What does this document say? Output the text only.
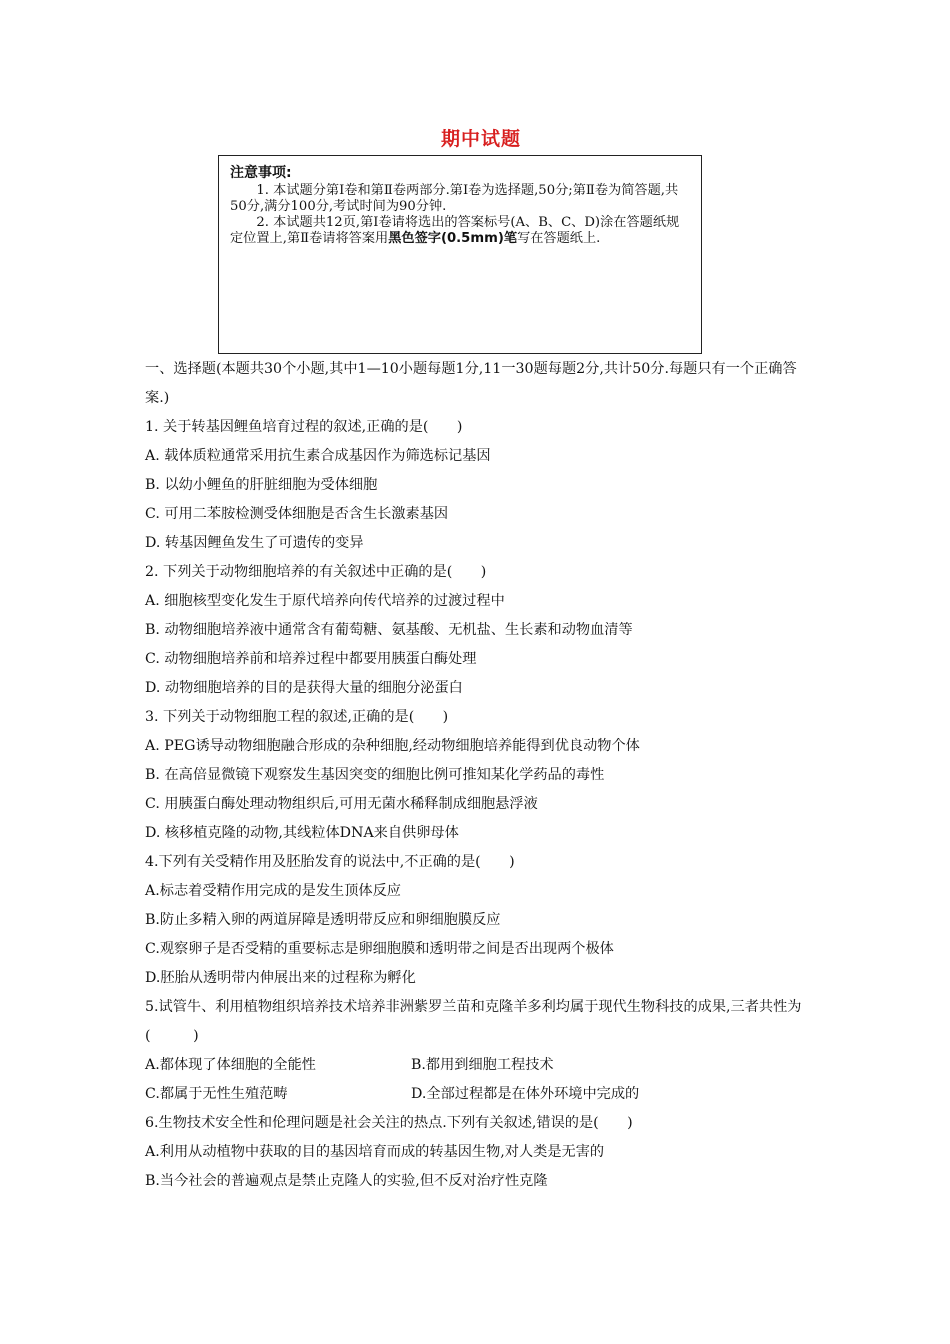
期中试题
注意事项:

1. 本试题分第Ⅰ卷和第Ⅱ卷两部分.第Ⅰ卷为选择题,50分;第Ⅱ卷为简答题,共50分,满分100分,考试时间为90分钟.

2. 本试题共12页,第Ⅰ卷请将选出的答案标号(A、B、C、D)涂在答题纸规定位置上,第Ⅱ卷请将答案用黑色签字(0.5mm)笔写在答题纸上.

一、选择题(本题共30个小题,其中1—10小题每题1分,11一30题每题2分,共计50分.每题只有一个正确答案.)

1. 关于转基因鲤鱼培育过程的叙述,正确的是(　　)

A. 载体质粒通常采用抗生素合成基因作为筛选标记基因

B. 以幼小鲤鱼的肝脏细胞为受体细胞

C. 可用二苯胺检测受体细胞是否含生长激素基因

D. 转基因鲤鱼发生了可遗传的变异

2. 下列关于动物细胞培养的有关叙述中正确的是(　　)

A. 细胞核型变化发生于原代培养向传代培养的过渡过程中

B. 动物细胞培养液中通常含有葡萄糖、氨基酸、无机盐、生长素和动物血清等

C. 动物细胞培养前和培养过程中都要用胰蛋白酶处理

D. 动物细胞培养的目的是获得大量的细胞分泌蛋白

3. 下列关于动物细胞工程的叙述,正确的是(　　)

A. PEG诱导动物细胞融合形成的杂种细胞,经动物细胞培养能得到优良动物个体

B. 在高倍显微镜下观察发生基因突变的细胞比例可推知某化学药品的毒性

C. 用胰蛋白酶处理动物组织后,可用无菌水稀释制成细胞悬浮液

D. 核移植克隆的动物,其线粒体DNA来自供卵母体

4.下列有关受精作用及胚胎发育的说法中,不正确的是(　　)

A.标志着受精作用完成的是发生顶体反应

B.防止多精入卵的两道屏障是透明带反应和卵细胞膜反应

C.观察卵子是否受精的重要标志是卵细胞膜和透明带之间是否出现两个极体

D.胚胎从透明带内伸展出来的过程称为孵化

5.试管牛、利用植物组织培养技术培养非洲紫罗兰苗和克隆羊多利均属于现代生物科技的成果,三者共性为(　　　)

A.都体现了体细胞的全能性	B.都用到细胞工程技术
C.都属于无性生殖范畴	D.全部过程都是在体外环境中完成的

6.生物技术安全性和伦理问题是社会关注的热点.下列有关叙述,错误的是(　　)

A.利用从动植物中获取的目的基因培育而成的转基因生物,对人类是无害的

B.当今社会的普遍观点是禁止克隆人的实验,但不反对治疗性克隆
